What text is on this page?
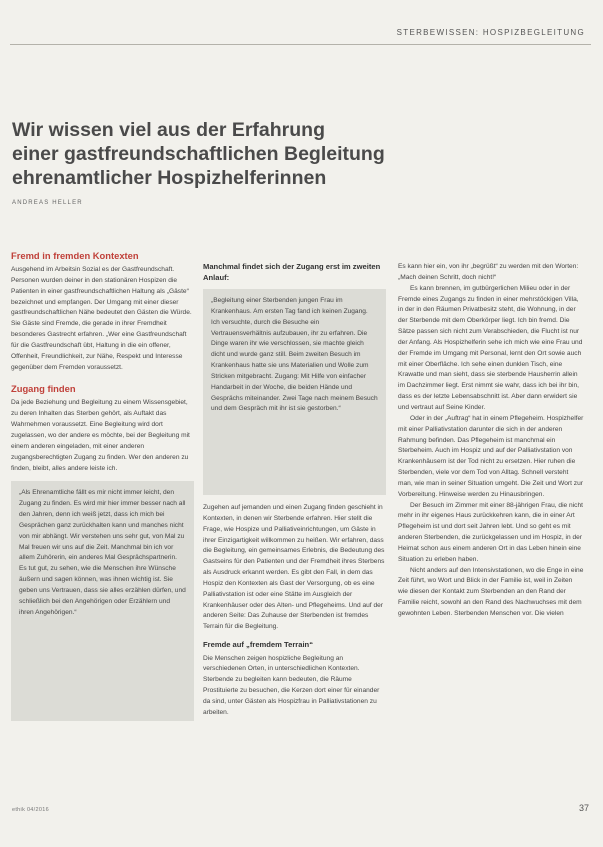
STERBEWISSEN: HOSPIZBEGLEITUNG
Wir wissen viel aus der Erfahrung
einer gastfreundschaftlichen Begleitung
ehrenamtlicher Hospizhelferinnen
ANDREAS HELLER
Fremd in fremden Kontexten

Ausgehend im Arbeitsin Sozial es der Gastfreundschaft. Personen wurden deiner in den stationären Hospizen die Patienten in einer gastfreundschaftlichen Haltung als „Gäste“ bezeichnet und empfangen. Der Umgang mit einer dieser gastfreundschaftlichen Nähe bedeutet den Gästen die Würde. Sie Gäste sind Fremde, die gerade in ihrer Fremdheit besonderes Gastrecht erfahren. „Wer eine Gastfreundschaft für die Gastfreundschaft übt, Haltung in die ein offener, Offenheit, Freundlichkeit, zur Nähe, Respekt und Interesse gegenüber dem Fremden voraussetzt.

Zugang finden

Da jede Beziehung und Begleitung zu einem Wissensgebiet, zu deren Inhalten das Sterben gehört, als Auftakt das Wahrnehmen voraussetzt. Eine Begleitung wird dort zugelassen, wo der andere es möchte, bei der Begleitung mit einem anderen eingeladen, mit einer anderen zugangsberechtigten Zugang zu finden. Wer den anderen zu finden, bleibt, alles andere leiste ich.

„Als Ehrenamtliche fällt es mir nicht immer leicht, den Zugang zu finden. Es wird mir hier immer besser nach all den Jahren, denn ich weiß jetzt, dass ich mich bei Gesprächen ganz zurückhalten kann und manches nicht von mir abhängt. Wir verstehen uns sehr gut, von Mal zu Mal freuen wir uns auf die Zeit. Manchmal bin ich vor allem Zuhörerin, ein anderes Mal Gesprächspartnerin. Es tut gut, zu sehen, wie die Menschen ihre Wünsche äußern und sagen können, was ihnen wichtig ist. Sie geben uns Vertrauen, dass sie alles erzählen dürfen, und schließlich bei den Angehörigen oder Erzählern und ihren Angehörigen.“
Manchmal findet sich der Zugang erst im zweiten Anlauf:
„Begleitung einer Sterbenden jungen Frau im Krankenhaus. Am ersten Tag fand ich keinen Zugang. Ich versuchte, durch die Besuche ein Vertrauensverhältnis aufzubauen, ihr zu erfahren. Die Dinge waren ihr wie verschlossen, sie machte gleich dicht und wurde ganz still. Beim zweiten Besuch im Krankenhaus hatte sie uns Materialien und Wolle zum Stricken mitgebracht. Zugang: Mit Hilfe von einfacher Handarbeit in der Woche, die beiden Hände und Gesprächs miteinander. Zwei Tage nach meinem Besuch und dem Gespräch mit ihr ist sie gestorben.“

Zugehen auf jemanden und einen Zugang finden geschieht in Kontexten, in denen wir Sterbende erfahren. Hier stellt die Frage, wie Hospize und Palliativeinrichtungen, um Gäste in ihrer Einzigartigkeit willkommen zu heißen. Wir erfahren, dass die Begleitung, ein gemeinsames Erlebnis, die Bedeutung des Gastseins für den Patienten und der Fremdheit ihres Sterbens als Ausdruck erkannt werden. Es gibt den Fall, in dem das Hospiz den Kontexten als Gast der Versorgung, ob es eine Palliativstation ist oder eine Stätte im Ausgleich der Krankenhäuser oder des Alten- und Pflegeheims. Und auf der anderen Seite: Das Zuhause der Sterbenden ist fremdes Terrain für die Begleitung.

Fremde auf „fremdem Terrain“

Die Menschen zeigen hospizliche Begleitung an verschiedenen Orten, in unterschiedlichen Kontexten. Sterbende zu begleiten kann bedeuten, die Räume Prostituierte zu besuchen, die Kerzen dort einer für einander da sind, unter Gästen als Hospizfrau in Palliativstationen zu arbeiten.

Es kann hier ein, von ihr „begrüßt“ zu werden mit den Worten: „Mach deinen Schritt, doch nicht!“

Es kann brennen, im gutbürgerlichen Milieu oder in der Fremde eines Zugangs zu finden in einer mehrstöckigen Villa, in der in den Räumen Privatbesitz steht, die Wohnung, in der der Sterbende mit dem Oberkörper liegt. Ich bin fremd. Die Sätze passen sich nicht zum Verabschieden, die Flucht ist nur der Anfang. Als Hospizhelferin sehe ich mich wie eine Frau und der Fremde im Umgang mit Personal, lernt den Ort sowie auch mit einer Oberfläche. Ich sehe einen dunklen Tisch, eine Krawatte und man sieht, dass sie sterbende Hausherrin allein im Dachzimmer liegt. Erst nimmt sie wahr, dass ich bei ihr bin, dass es der letzte Lebensabschnitt ist. Aber dann erwidert sie und vertraut auf Seine Kinder.

Oder in der „Auftrag“ hat in einem Pflegeheim. Hospizhelfer mit einer Palliativstation darunter die sich in der anderen Rahmung befinden. Das Pflegeheim ist manchmal ein Sterbeheim. Auch im Hospiz und auf der Palliativstation von Krankenhäusern ist der Tod nicht zu ersetzen. Hier ruhen die Sterbenden, viele vor dem Tod von Alltag. Schnell versteht man, wie man in seiner Situation umgeht. Die Zeit und Wort zur Vorbereitung. Hinweise werden zu Hinausbringen.

Der Besuch im Zimmer mit einer 88-jährigen Frau, die nicht mehr in ihr eigenes Haus zurückkehren kann, die in einer Art Pflegeheim ist und dort seit Jahren lebt. Und so geht es mit anderen Sterbenden, die zurückgelassen und im Hospiz, in der Heimat schon aus einem anderen Ort in das Leben hinein eine Situation zu erleben haben.

Nicht anders auf den Intensivstationen, wo die Enge in eine Zeit führt, wo Wort und Blick in der Familie ist, weil in Zeiten wie diesen der Kontakt zum Sterbenden an den Rand der Familie reicht, sowohl an den Rand des Nachwuchses mit dem gewohnten Leben. Sterbenden Menschen vor. Die vielen

ethik 04/2016	37
